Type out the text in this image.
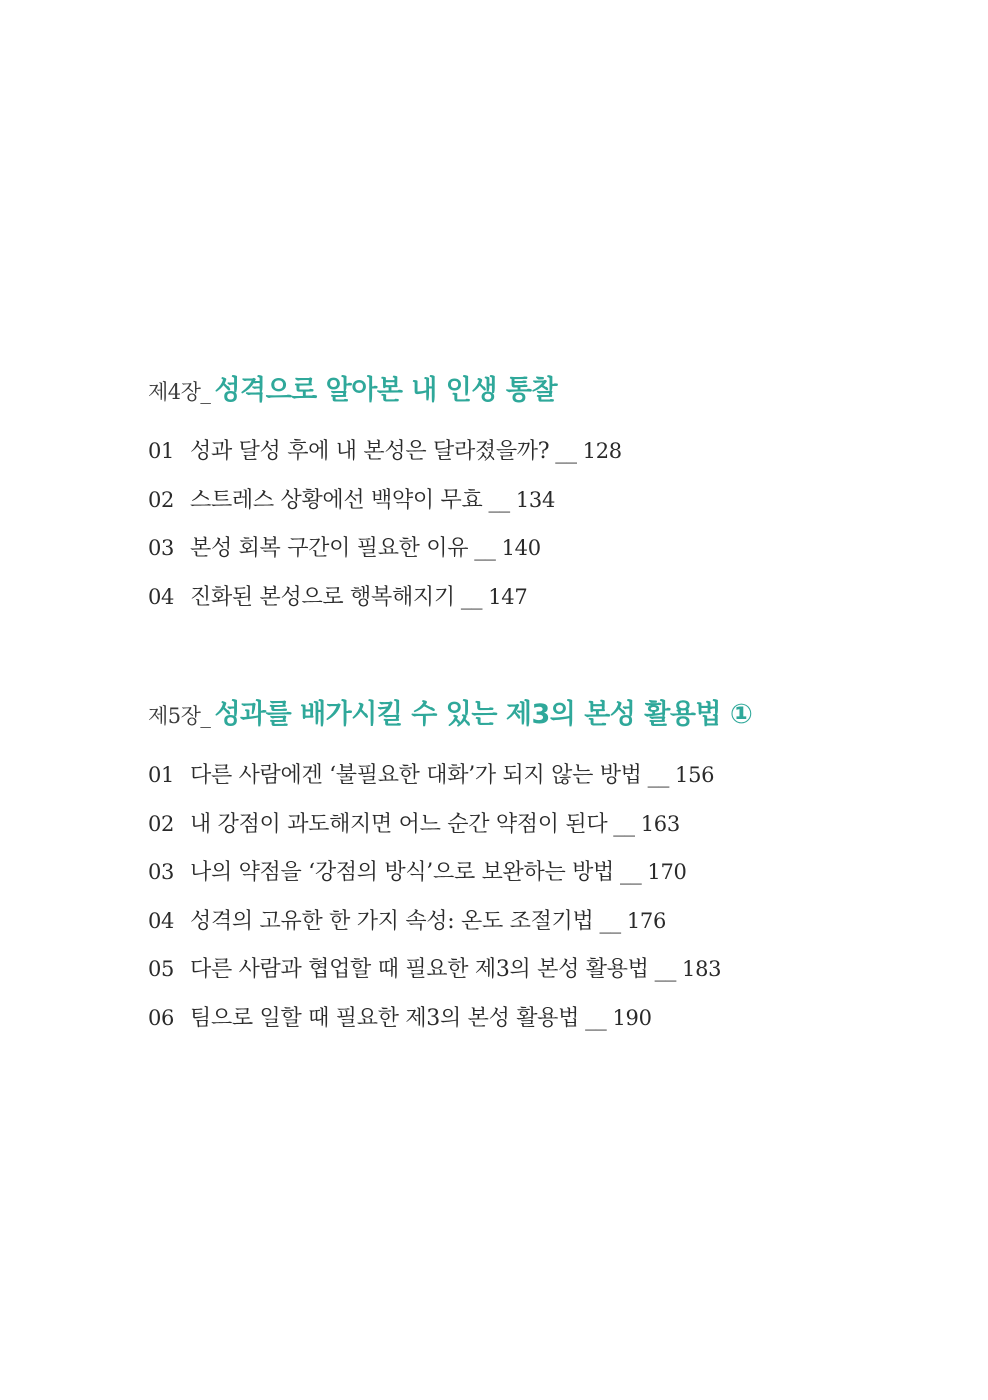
제4장_ 성격으로 알아본 내 인생 통찰
01 성과 달성 후에 내 본성은 달라졌을까? __ 128
02 스트레스 상황에선 백약이 무효 __ 134
03 본성 회복 구간이 필요한 이유 __ 140
04 진화된 본성으로 행복해지기 __ 147
제5장_ 성과를 배가시킬 수 있는 제3의 본성 활용법 ①
01 다른 사람에겐 ‘불필요한 대화’가 되지 않는 방법 __ 156
02 내 강점이 과도해지면 어느 순간 약점이 된다 __ 163
03 나의 약점을 ‘강점의 방식’으로 보완하는 방법 __ 170
04 성격의 고유한 한 가지 속성: 온도 조절기법 __ 176
05 다른 사람과 협업할 때 필요한 제3의 본성 활용법 __ 183
06 팀으로 일할 때 필요한 제3의 본성 활용법 __ 190
